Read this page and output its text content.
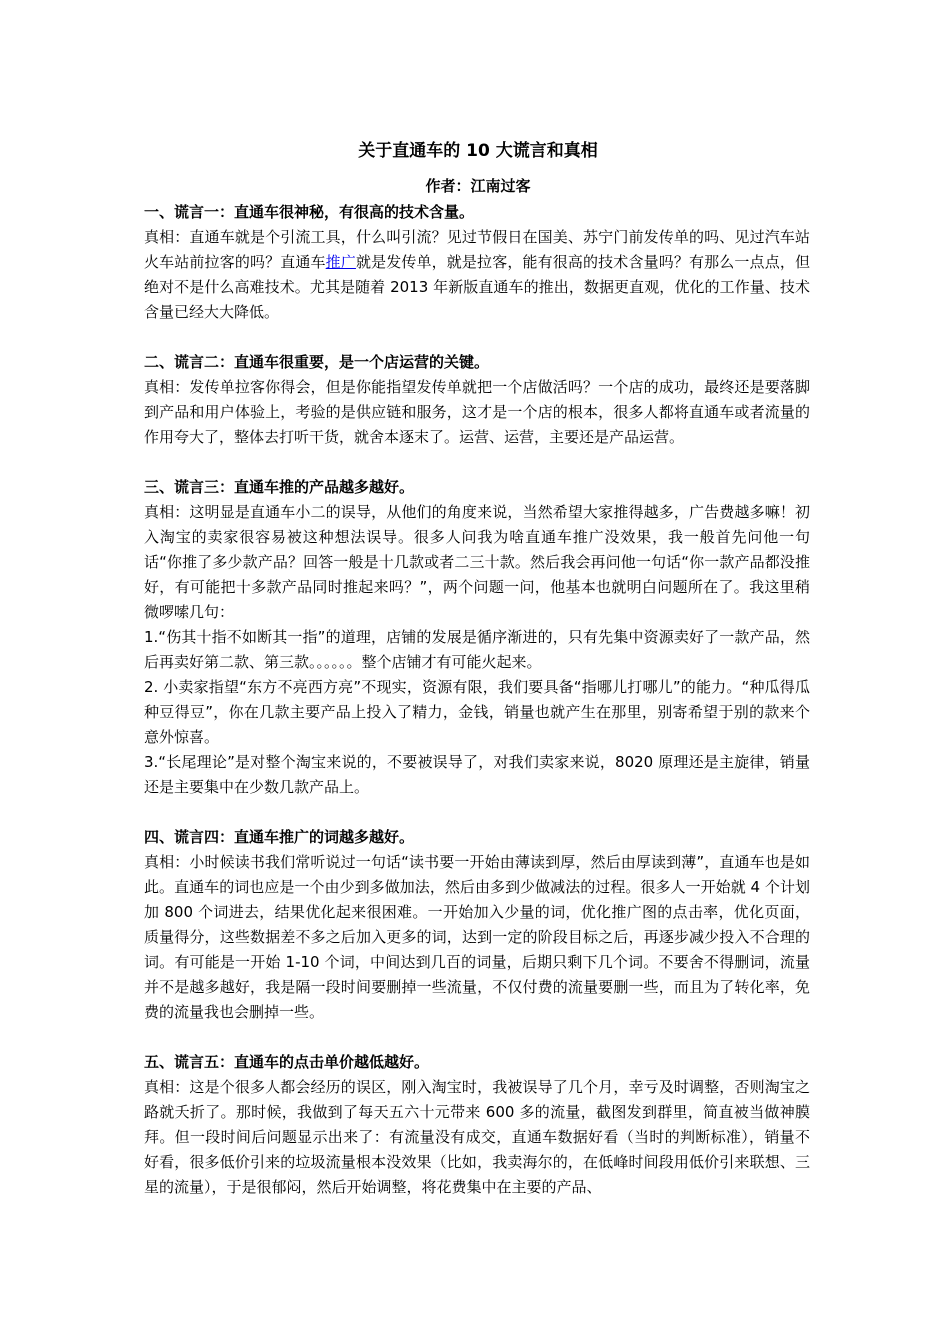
关于直通车的 10 大谎言和真相

作者：江南过客

一、谎言一：直通车很神秘，有很高的技术含量。

真相：直通车就是个引流工具，什么叫引流？见过节假日在国美、苏宁门前发传单的吗、见过汽车站火车站前拉客的吗？直通车推广就是发传单，就是拉客，能有很高的技术含量吗？有那么一点点，但绝对不是什么高难技术。尤其是随着 2013 年新版直通车的推出，数据更直观，优化的工作量、技术含量已经大大降低。

二、谎言二：直通车很重要，是一个店运营的关键。

真相：发传单拉客你得会，但是你能指望发传单就把一个店做活吗？一个店的成功，最终还是要落脚到产品和用户体验上，考验的是供应链和服务，这才是一个店的根本，很多人都将直通车或者流量的作用夸大了，整体去打听干货，就舍本逐末了。运营、运营，主要还是产品运营。

三、谎言三：直通车推的产品越多越好。

真相：这明显是直通车小二的误导，从他们的角度来说，当然希望大家推得越多，广告费越多嘛！初入淘宝的卖家很容易被这种想法误导。很多人问我为啥直通车推广没效果，我一般首先问他一句话“你推了多少款产品？回答一般是十几款或者二三十款。然后我会再问他一句话“你一款产品都没推好，有可能把十多款产品同时推起来吗？”，两个问题一问，他基本也就明白问题所在了。我这里稍微啰嗦几句：

1.“伤其十指不如断其一指”的道理，店铺的发展是循序渐进的，只有先集中资源卖好了一款产品，然后再卖好第二款、第三款。。。。。。整个店铺才有可能火起来。

2. 小卖家指望“东方不亮西方亮”不现实，资源有限，我们要具备“指哪儿打哪儿”的能力。“种瓜得瓜 种豆得豆”，你在几款主要产品上投入了精力，金钱，销量也就产生在那里，别寄希望于别的款来个意外惊喜。

3.“长尾理论”是对整个淘宝来说的，不要被误导了，对我们卖家来说，8020 原理还是主旋律，销量还是主要集中在少数几款产品上。

四、谎言四：直通车推广的词越多越好。

真相：小时候读书我们常听说过一句话“读书要一开始由薄读到厚，然后由厚读到薄”，直通车也是如此。直通车的词也应是一个由少到多做加法，然后由多到少做减法的过程。很多人一开始就 4 个计划加 800 个词进去，结果优化起来很困难。一开始加入少量的词，优化推广图的点击率，优化页面，质量得分，这些数据差不多之后加入更多的词，达到一定的阶段目标之后，再逐步减少投入不合理的词。有可能是一开始 1-10 个词，中间达到几百的词量，后期只剩下几个词。不要舍不得删词，流量并不是越多越好，我是隔一段时间要删掉一些流量，不仅付费的流量要删一些，而且为了转化率，免费的流量我也会删掉一些。

五、谎言五：直通车的点击单价越低越好。

真相：这是个很多人都会经历的误区，刚入淘宝时，我被误导了几个月，幸亏及时调整，否则淘宝之路就夭折了。那时候，我做到了每天五六十元带来 600 多的流量，截图发到群里，简直被当做神膜拜。但一段时间后问题显示出来了：有流量没有成交，直通车数据好看（当时的判断标准），销量不好看，很多低价引来的垃圾流量根本没效果（比如，我卖海尔的，在低峰时间段用低价引来联想、三星的流量），于是很郁闷，然后开始调整，将花费集中在主要的产品、
